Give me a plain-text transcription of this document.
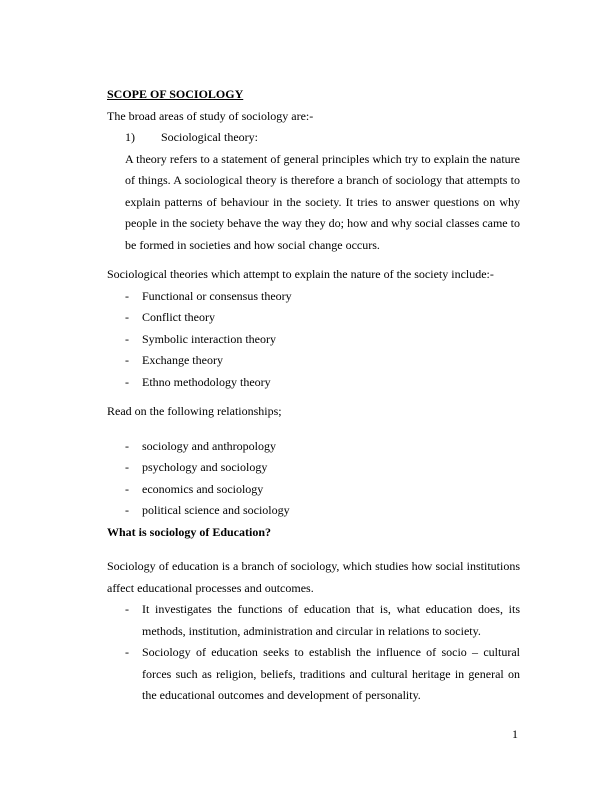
SCOPE OF SOCIOLOGY

The broad areas of study of sociology are:-

1)	Sociological theory:

A theory refers to a statement of general principles which try to explain the nature of things. A sociological theory is therefore a branch of sociology that attempts to explain patterns of behaviour in the society. It tries to answer questions on why people in the society behave the way they do; how and why social classes came to be formed in societies and how social change occurs.

Sociological theories which attempt to explain the nature of the society include:-

-	Functional or consensus theory
-	Conflict theory
-	Symbolic interaction theory
-	Exchange theory
-	Ethno methodology theory

Read on the following relationships;

-	sociology and anthropology
-	psychology and sociology
-	economics and sociology
-	political science and sociology

What is sociology of Education?

Sociology of education is a branch of sociology, which studies how social institutions affect educational processes and outcomes.

-	It investigates the functions of education that is, what education does, its methods, institution, administration and circular in relations to society.
-	Sociology of education seeks to establish the influence of socio – cultural forces such as religion, beliefs, traditions and cultural heritage in general on the educational outcomes and development of personality.
1
